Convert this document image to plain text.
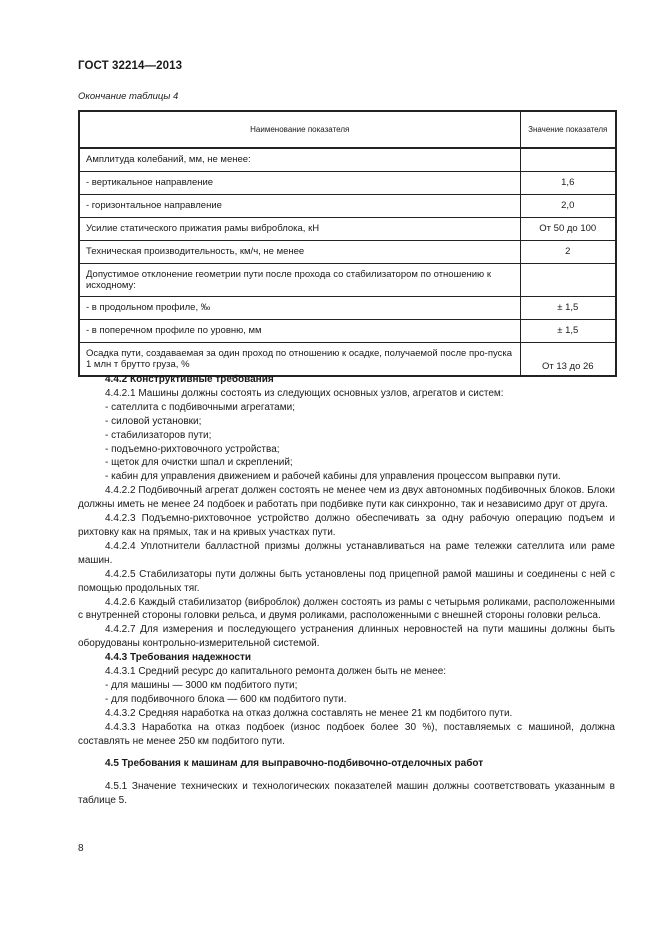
ГОСТ 32214—2013
Окончание таблицы 4
Наименование показателя	Значение показателя
Амплитуда колебаний, мм, не менее:	
- вертикальное направление	1,6
- горизонтальное направление	2,0
Усилие статического прижатия рамы виброблока, кН	От 50 до 100
Техническая производительность, км/ч, не менее	2
Допустимое отклонение геометрии пути после прохода со стабилизатором по отношению к исходному:	
- в продольном профиле, ‰	± 1,5
- в поперечном профиле по уровню, мм	± 1,5
Осадка пути, создаваемая за один проход по отношению к осадке, получаемой после про-пуска 1 млн т брутто груза, %	От 13 до 26

4.4.2 Конструктивные требования

4.4.2.1 Машины должны состоять из следующих основных узлов, агрегатов и систем:

- сателлита с подбивочными агрегатами;

- силовой установки;

- стабилизаторов пути;

- подъемно-рихтовочного устройства;

- щеток для очистки шпал и скреплений;

- кабин для управления движением и рабочей кабины для управления процессом выправки пути.

4.4.2.2 Подбивочный агрегат должен состоять не менее чем из двух автономных подбивочных блоков. Блоки должны иметь не менее 24 подбоек и работать при подбивке пути как синхронно, так и независимо друг от друга.

4.4.2.3 Подъемно-рихтовочное устройство должно обеспечивать за одну рабочую операцию подъем и рихтовку как на прямых, так и на кривых участках пути.

4.4.2.4 Уплотнители балластной призмы должны устанавливаться на раме тележки сателлита или раме машин.

4.4.2.5 Стабилизаторы пути должны быть установлены под прицепной рамой машины и соединены с ней с помощью продольных тяг.

4.4.2.6 Каждый стабилизатор (виброблок) должен состоять из рамы с четырьмя роликами, расположенными с внутренней стороны головки рельса, и двумя роликами, расположенными с внешней стороны головки рельса.

4.4.2.7 Для измерения и последующего устранения длинных неровностей на пути машины должны быть оборудованы контрольно-измерительной системой.

4.4.3 Требования надежности

4.4.3.1 Средний ресурс до капитального ремонта должен быть не менее:

- для машины — 3000 км подбитого пути;

- для подбивочного блока — 600 км подбитого пути.

4.4.3.2 Средняя наработка на отказ должна составлять не менее 21 км подбитого пути.

4.4.3.3 Наработка на отказ подбоек (износ подбоек более 30 %), поставляемых с машиной, должна составлять не менее 250 км подбитого пути.

4.5 Требования к машинам для выправочно-подбивочно-отделочных работ

4.5.1 Значение технических и технологических показателей машин должны соответствовать указанным в таблице 5.

8
